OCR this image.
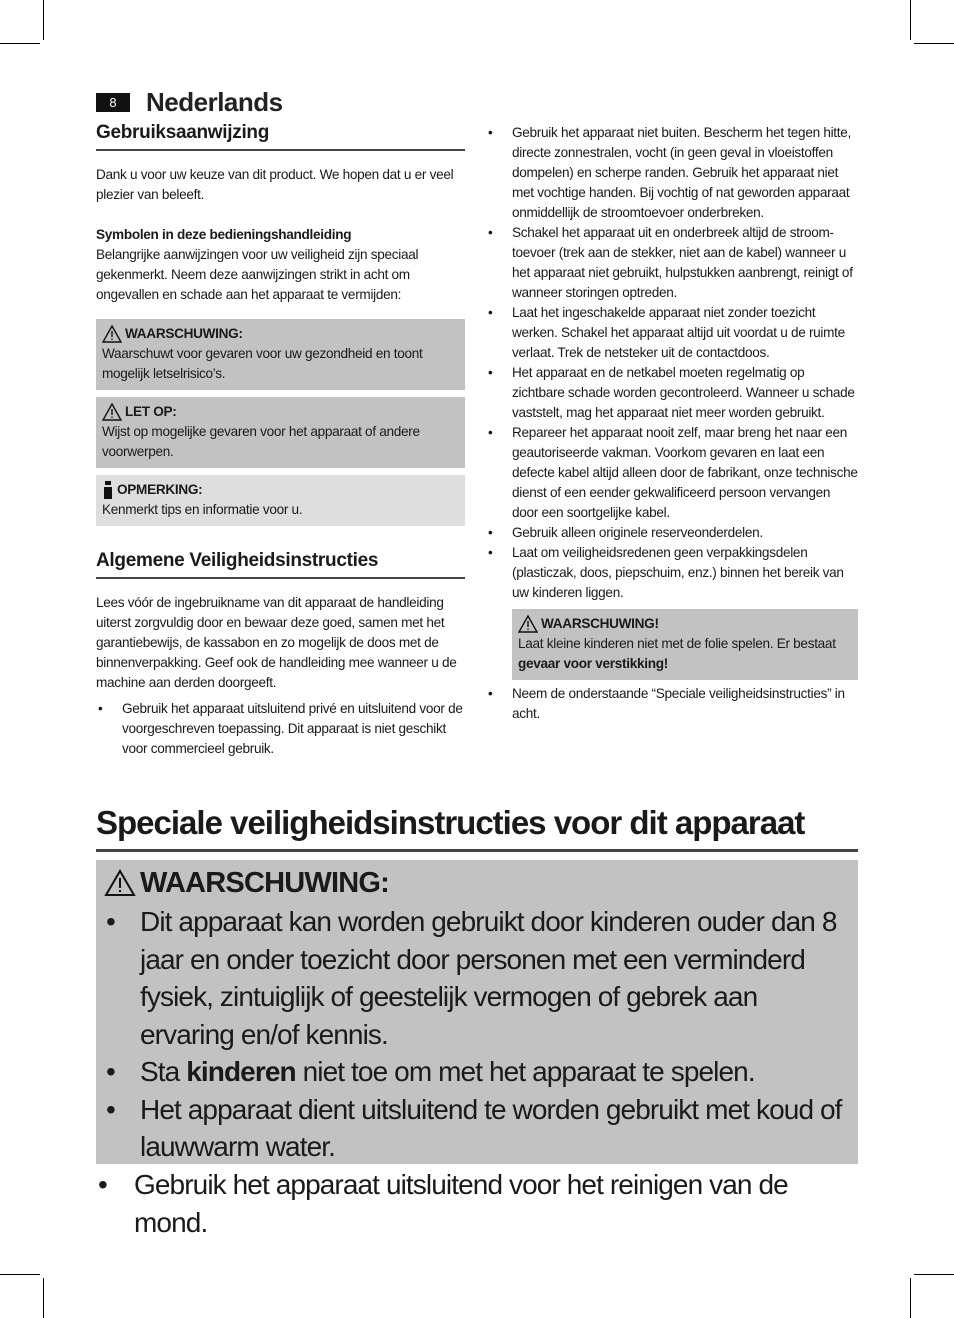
8	Nederlands
Gebruiksaanwijzing

Dank u voor uw keuze van dit product. We hopen dat u er veel plezier van beleeft.

Symbolen in deze bedieningshandleiding

Belangrijke aanwijzingen voor uw veiligheid zijn speciaal gekenmerkt. Neem deze aanwijzingen strikt in acht om ongevallen en schade aan het apparaat te vermijden:

WAARSCHUWING:

Waarschuwt voor gevaren voor uw gezondheid en toont mogelijk letselrisico’s.

LET OP:

Wijst op mogelijke gevaren voor het apparaat of andere voorwerpen.

OPMERKING:

Kenmerkt tips en informatie voor u.

Algemene Veiligheidsinstructies

Lees vóór de ingebruikname van dit apparaat de handleiding uiterst zorgvuldig door en bewaar deze goed, samen met het garantiebewijs, de kassabon en zo mogelijk de doos met de binnenverpakking. Geef ook de handleiding mee wanneer u de machine aan derden doorgeeft.

• Gebruik het apparaat uitsluitend privé en uitsluitend voor de voorgeschreven toepassing. Dit apparaat is niet geschikt voor commercieel gebruik.
• Gebruik het apparaat niet buiten. Bescherm het tegen hitte, directe zonnestralen, vocht (in geen geval in vloeistoffen dompelen) en scherpe randen. Gebruik het apparaat niet met vochtige handen. Bij vochtig of nat geworden apparaat onmiddellijk de stroomtoevoer onderbreken.
• Schakel het apparaat uit en onderbreek altijd de stroom-toevoer (trek aan de stekker, niet aan de kabel) wanneer u het apparaat niet gebruikt, hulpstukken aanbrengt, reinigt of wanneer storingen optreden.
• Laat het ingeschakelde apparaat niet zonder toezicht werken. Schakel het apparaat altijd uit voordat u de ruimte verlaat. Trek de netsteker uit de contactdoos.
• Het apparaat en de netkabel moeten regelmatig op zichtbare schade worden gecontroleerd. Wanneer u schade vaststelt, mag het apparaat niet meer worden gebruikt.
• Repareer het apparaat nooit zelf, maar breng het naar een geautoriseerde vakman. Voorkom gevaren en laat een defecte kabel altijd alleen door de fabrikant, onze technische dienst of een eender gekwalificeerd persoon vervangen door een soortgelijke kabel.
• Gebruik alleen originele reserveonderdelen.
• Laat om veiligheidsredenen geen verpakkingsdelen (plasticzak, doos, piepschuim, enz.) binnen het bereik van uw kinderen liggen.
WAARSCHUWING!

Laat kleine kinderen niet met de folie spelen. Er bestaat gevaar voor verstikking!

• Neem de onderstaande “Speciale veiligheidsinstructies” in acht.
Speciale veiligheidsinstructies voor dit apparaat
WAARSCHUWING:
• Dit apparaat kan worden gebruikt door kinderen ouder dan 8 jaar en onder toezicht door personen met een verminderd fysiek, zintuiglijk of geestelijk vermogen of gebrek aan ervaring en/of kennis.
• Sta kinderen niet toe om met het apparaat te spelen.
• Het apparaat dient uitsluitend te worden gebruikt met koud of lauwwarm water.
• Gebruik het apparaat uitsluitend voor het reinigen van de mond.
